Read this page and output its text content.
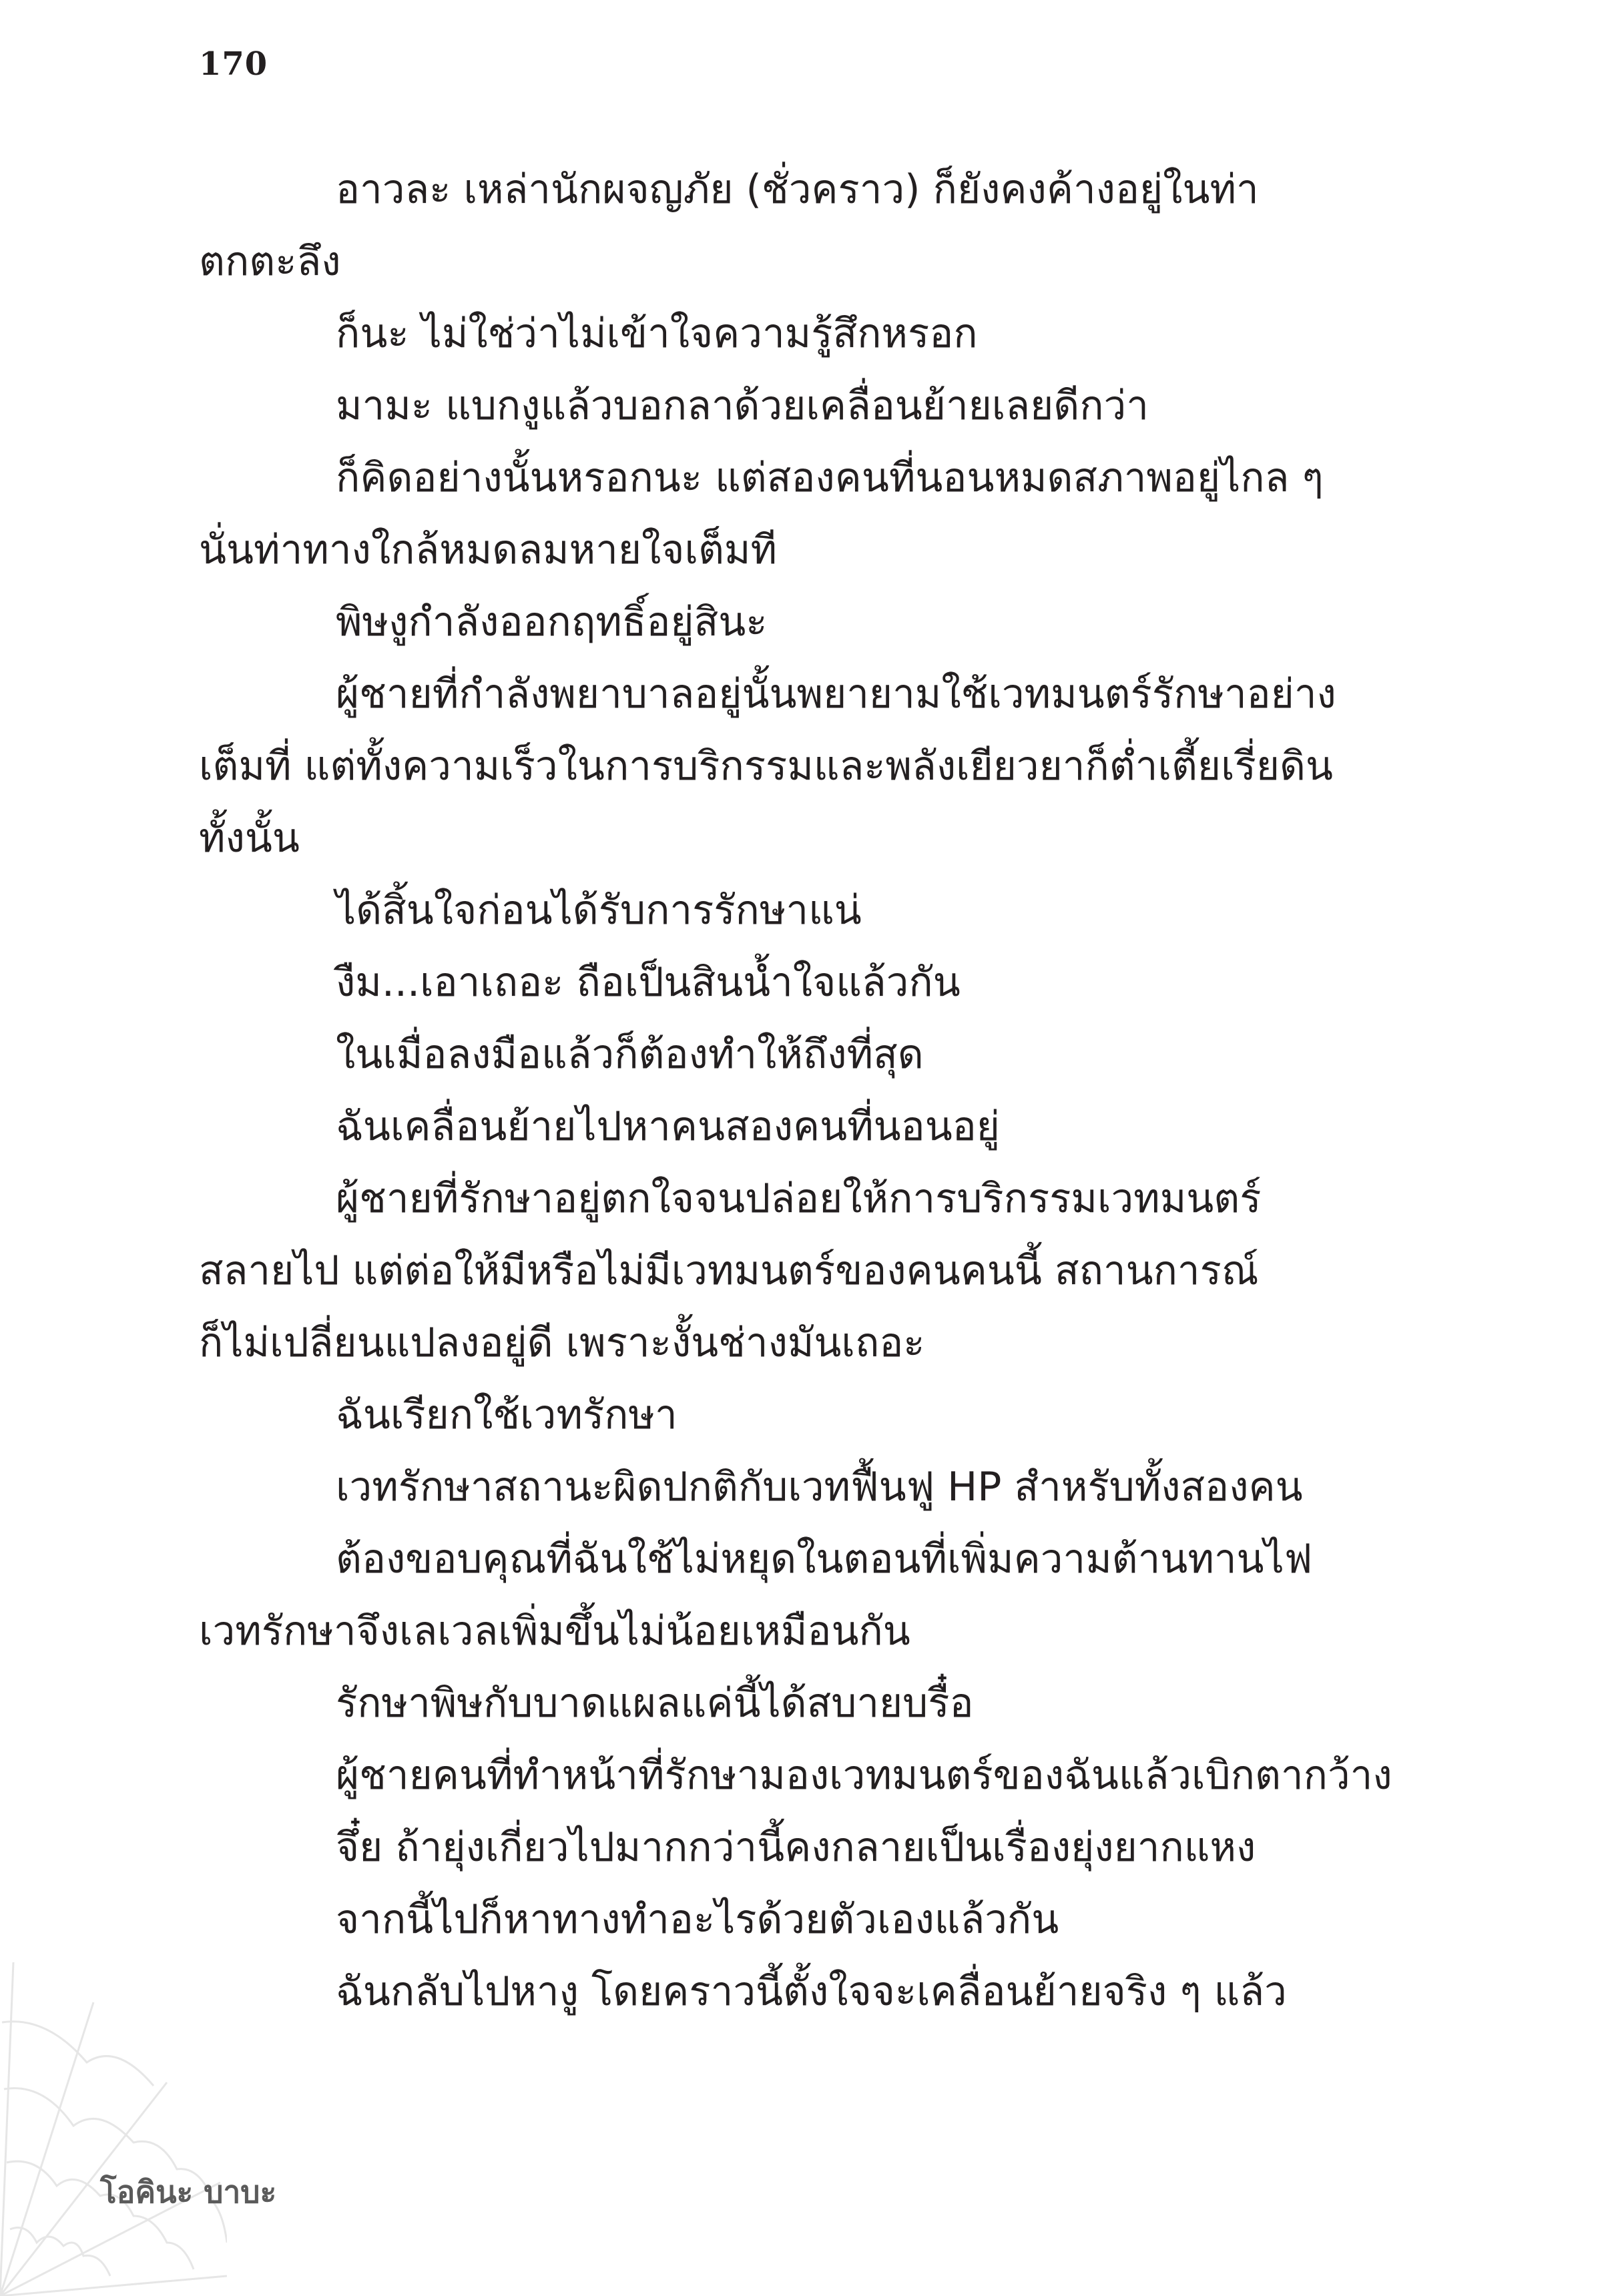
170

อาวละ เหล่านักผจญภัย (ชั่วคราว) ก็ยังคงค้างอยู่ในท่า

ตกตะลึง

ก็นะ ไม่ใช่ว่าไม่เข้าใจความรู้สึกหรอก

มามะ แบกงูแล้วบอกลาด้วยเคลื่อนย้ายเลยดีกว่า

ก็คิดอย่างนั้นหรอกนะ แต่สองคนที่นอนหมดสภาพอยู่ไกล ๆ

นั่นท่าทางใกล้หมดลมหายใจเต็มที

พิษงูกำลังออกฤทธิ์อยู่สินะ

ผู้ชายที่กำลังพยาบาลอยู่นั้นพยายามใช้เวทมนตร์รักษาอย่าง

เต็มที่ แต่ทั้งความเร็วในการบริกรรมและพลังเยียวยาก็ต่ำเตี้ยเรี่ยดิน

ทั้งนั้น

ได้สิ้นใจก่อนได้รับการรักษาแน่

งืม...เอาเถอะ ถือเป็นสินน้ำใจแล้วกัน

ในเมื่อลงมือแล้วก็ต้องทำให้ถึงที่สุด

ฉันเคลื่อนย้ายไปหาคนสองคนที่นอนอยู่

ผู้ชายที่รักษาอยู่ตกใจจนปล่อยให้การบริกรรมเวทมนตร์

สลายไป แต่ต่อให้มีหรือไม่มีเวทมนตร์ของคนคนนี้ สถานการณ์

ก็ไม่เปลี่ยนแปลงอยู่ดี เพราะงั้นช่างมันเถอะ

ฉันเรียกใช้เวทรักษา

เวทรักษาสถานะผิดปกติกับเวทฟื้นฟู HP สำหรับทั้งสองคน

ต้องขอบคุณที่ฉันใช้ไม่หยุดในตอนที่เพิ่มความต้านทานไฟ

เวทรักษาจึงเลเวลเพิ่มขึ้นไม่น้อยเหมือนกัน

รักษาพิษกับบาดแผลแค่นี้ได้สบายบรื๋อ

ผู้ชายคนที่ทำหน้าที่รักษามองเวทมนตร์ของฉันแล้วเบิกตากว้าง

จึ๋ย ถ้ายุ่งเกี่ยวไปมากกว่านี้คงกลายเป็นเรื่องยุ่งยากแหง

จากนี้ไปก็หาทางทำอะไรด้วยตัวเองแล้วกัน

ฉันกลับไปหางู โดยคราวนี้ตั้งใจจะเคลื่อนย้ายจริง ๆ แล้ว

โอคินะ บาบะ
